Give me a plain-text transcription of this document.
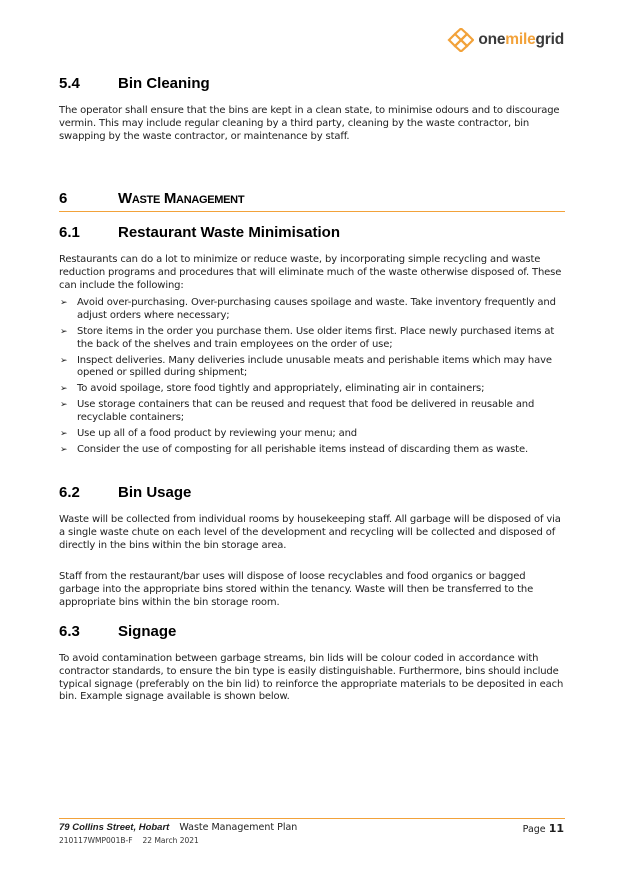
onemilegrid
5.4	Bin Cleaning

The operator shall ensure that the bins are kept in a clean state, to minimise odours and to discourage vermin. This may include regular cleaning by a third party, cleaning by the waste contractor, bin swapping by the waste contractor, or maintenance by staff.

6	Waste Management
6.1	Restaurant Waste Minimisation

Restaurants can do a lot to minimize or reduce waste, by incorporating simple recycling and waste reduction programs and procedures that will eliminate much of the waste otherwise disposed of. These can include the following:

➢ Avoid over-purchasing. Over-purchasing causes spoilage and waste. Take inventory frequently and adjust orders where necessary;
➢ Store items in the order you purchase them. Use older items first. Place newly purchased items at the back of the shelves and train employees on the order of use;
➢ Inspect deliveries. Many deliveries include unusable meats and perishable items which may have opened or spilled during shipment;
➢ To avoid spoilage, store food tightly and appropriately, eliminating air in containers;
➢ Use storage containers that can be reused and request that food be delivered in reusable and recyclable containers;
➢ Use up all of a food product by reviewing your menu; and
➢ Consider the use of composting for all perishable items instead of discarding them as waste.
6.2	Bin Usage

Waste will be collected from individual rooms by housekeeping staff. All garbage will be disposed of via a single waste chute on each level of the development and recycling will be collected and disposed of directly in the bins within the bin storage area.

Staff from the restaurant/bar uses will dispose of loose recyclables and food organics or bagged garbage into the appropriate bins stored within the tenancy. Waste will then be transferred to the appropriate bins within the bin storage room.

6.3	Signage

To avoid contamination between garbage streams, bin lids will be colour coded in accordance with contractor standards, to ensure the bin type is easily distinguishable. Furthermore, bins should include typical signage (preferably on the bin lid) to reinforce the appropriate materials to be deposited in each bin. Example signage available is shown below.

79 Collins Street, Hobart Waste Management Plan
210117WMP001B-F 22 March 2021
Page 11
